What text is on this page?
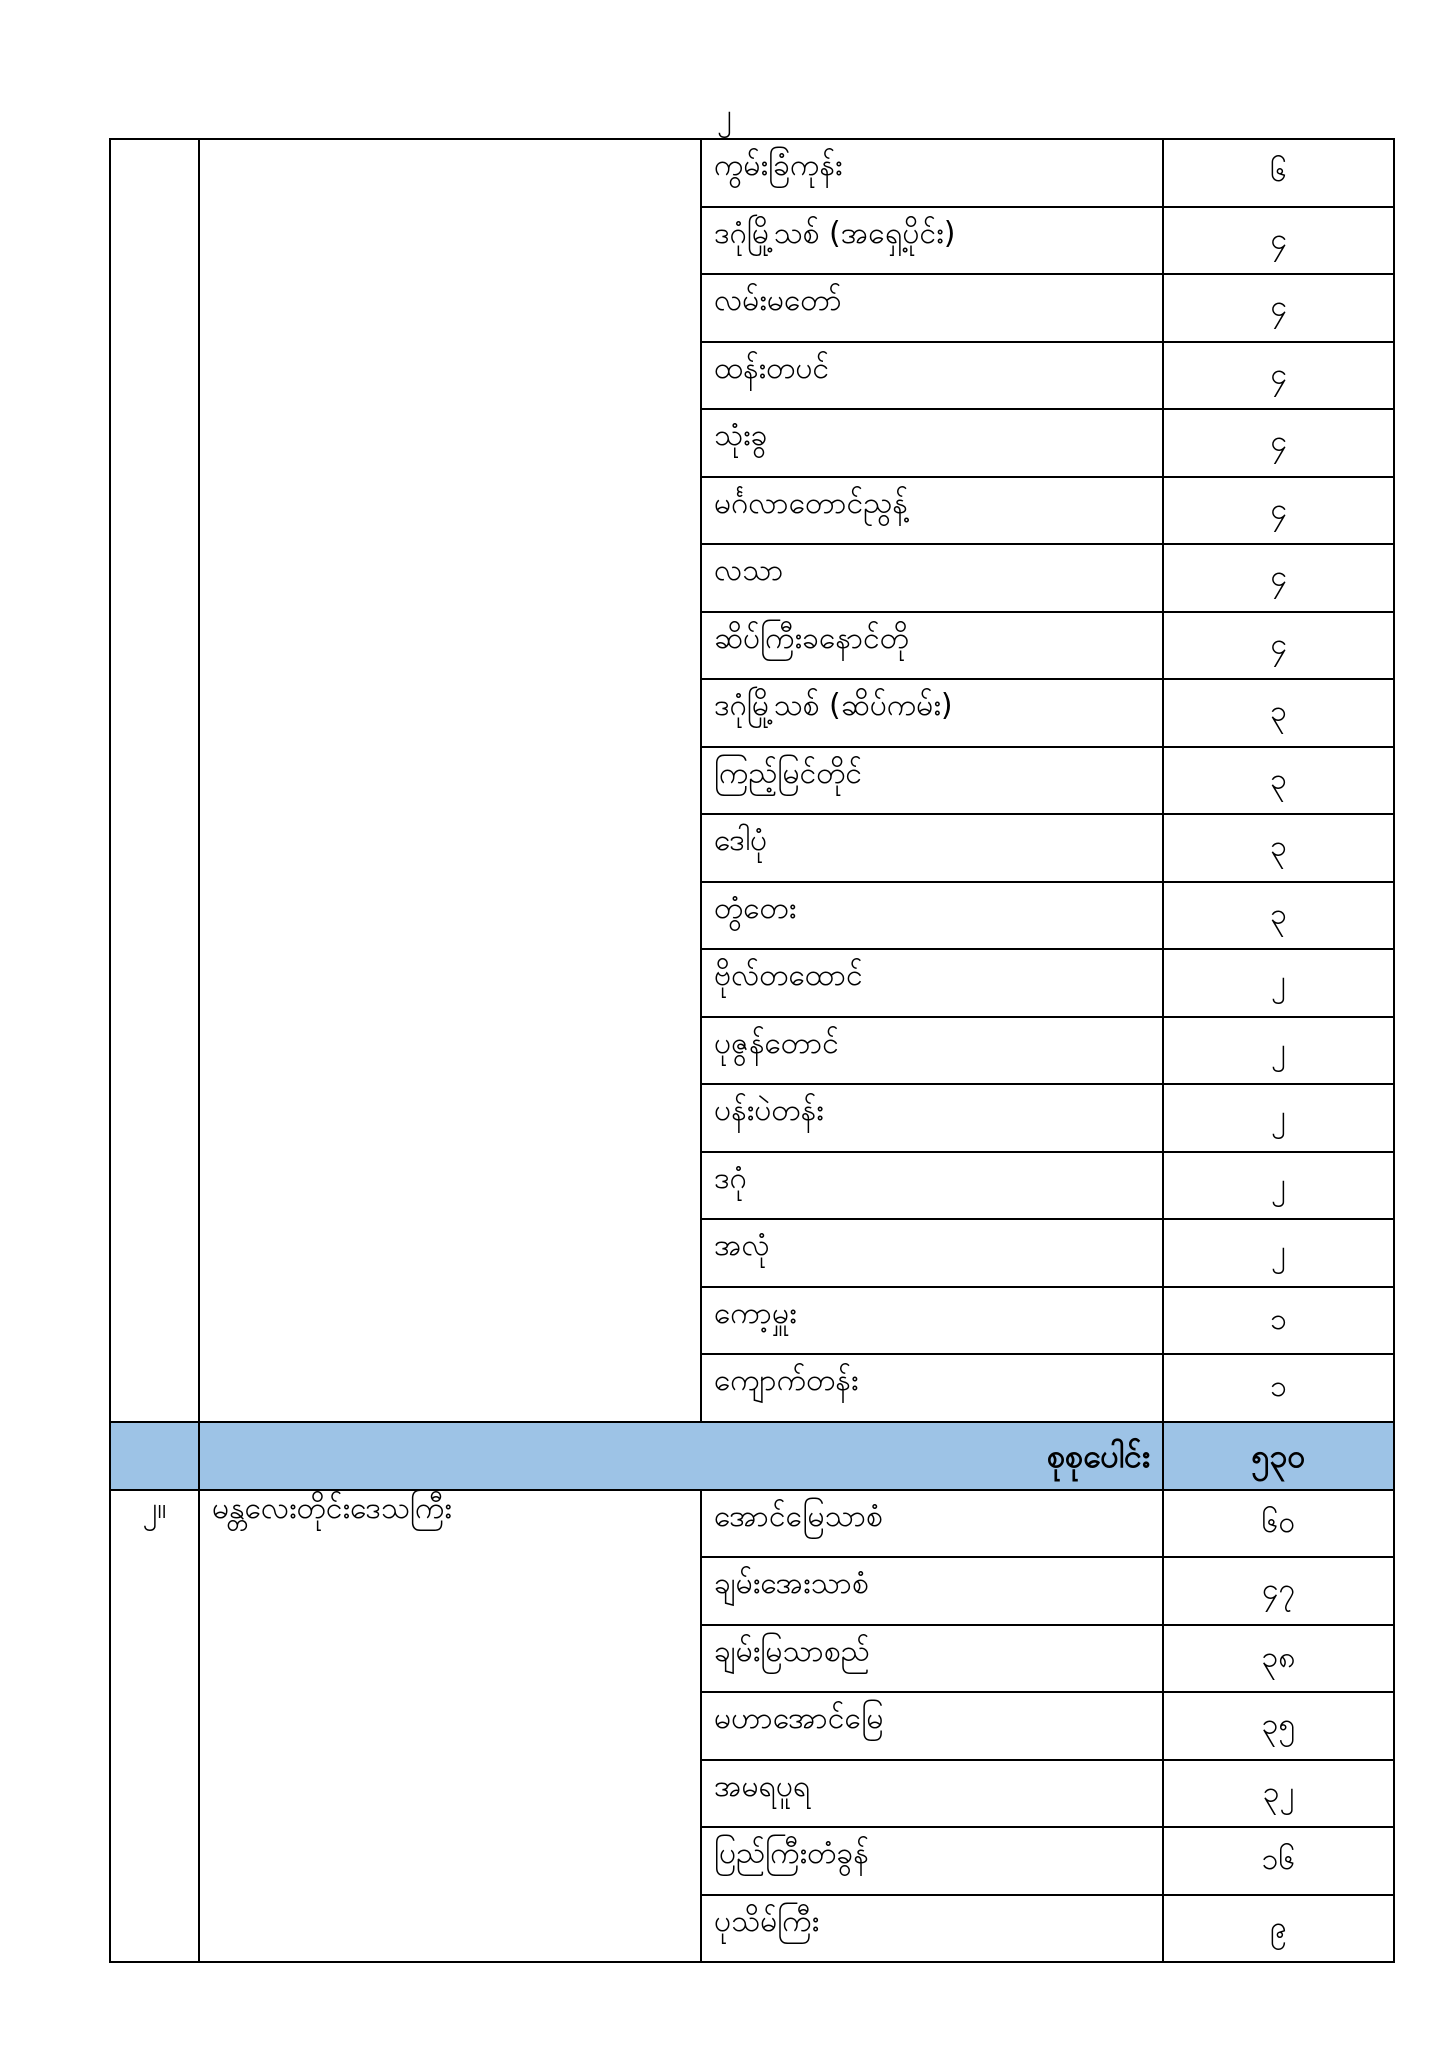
၂
		ကွမ်းခြံကုန်း	၆
		ဒဂုံမြို့သစ် (အရှေ့ပိုင်း)	၄
		လမ်းမတော်	၄
		ထန်းတပင်	၄
		သုံးခွ	၄
		မင်္ဂလာတောင်ညွန့်	၄
		လသာ	၄
		ဆိပ်ကြီးခနောင်တို	၄
		ဒဂုံမြို့သစ် (ဆိပ်ကမ်း)	၃
		ကြည့်မြင်တိုင်	၃
		ဒေါပုံ	၃
		တွံတေး	၃
		ဗိုလ်တထောင်	၂
		ပုဇွန်တောင်	၂
		ပန်းပဲတန်း	၂
		ဒဂုံ	၂
		အလုံ	၂
		ကော့မှူး	၁
		ကျောက်တန်း	၁
	စုစုပေါင်း		၅၃၀
၂။	မန္တလေးတိုင်းဒေသကြီး	အောင်မြေသာစံ	၆၀
		ချမ်းအေးသာစံ	၄၇
		ချမ်းမြသာစည်	၃၈
		မဟာအောင်မြေ	၃၅
		အမရပူရ	၃၂
		ပြည်ကြီးတံခွန်	၁၆
		ပုသိမ်ကြီး	၉
